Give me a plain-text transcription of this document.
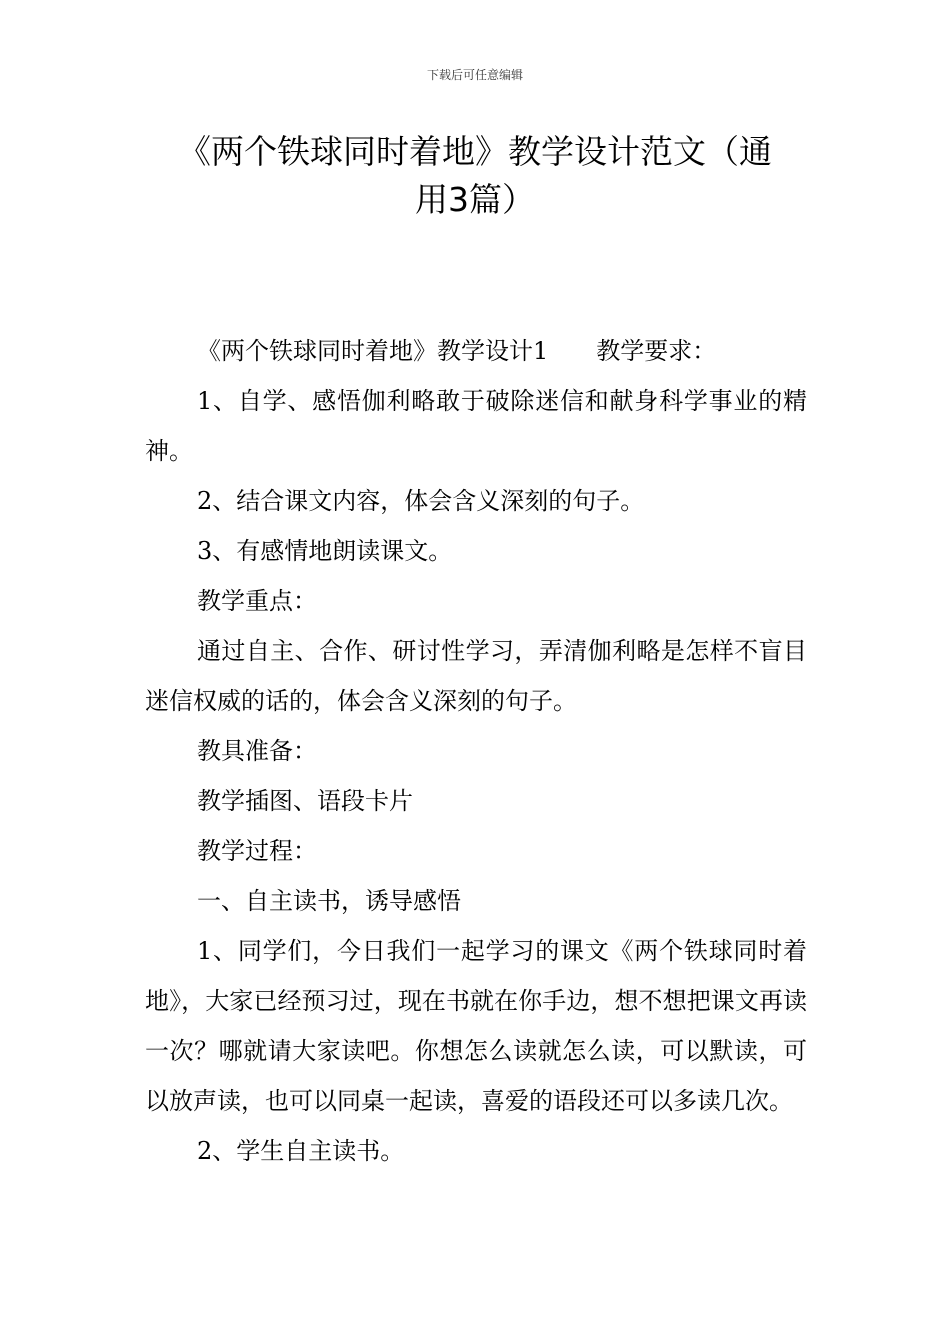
下载后可任意编辑
《两个铁球同时着地》教学设计范文（通
用3篇）

《两个铁球同时着地》教学设计1 教学要求：

1、自学、感悟伽利略敢于破除迷信和献身科学事业的精神。

2、结合课文内容，体会含义深刻的句子。

3、有感情地朗读课文。

教学重点：

通过自主、合作、研讨性学习，弄清伽利略是怎样不盲目迷信权威的话的，体会含义深刻的句子。

教具准备：

教学插图、语段卡片

教学过程：

一、自主读书，诱导感悟

1、同学们，今日我们一起学习的课文《两个铁球同时着地》，大家已经预习过，现在书就在你手边，想不想把课文再读一次？哪就请大家读吧。你想怎么读就怎么读，可以默读，可以放声读，也可以同桌一起读，喜爱的语段还可以多读几次。

2、学生自主读书。
